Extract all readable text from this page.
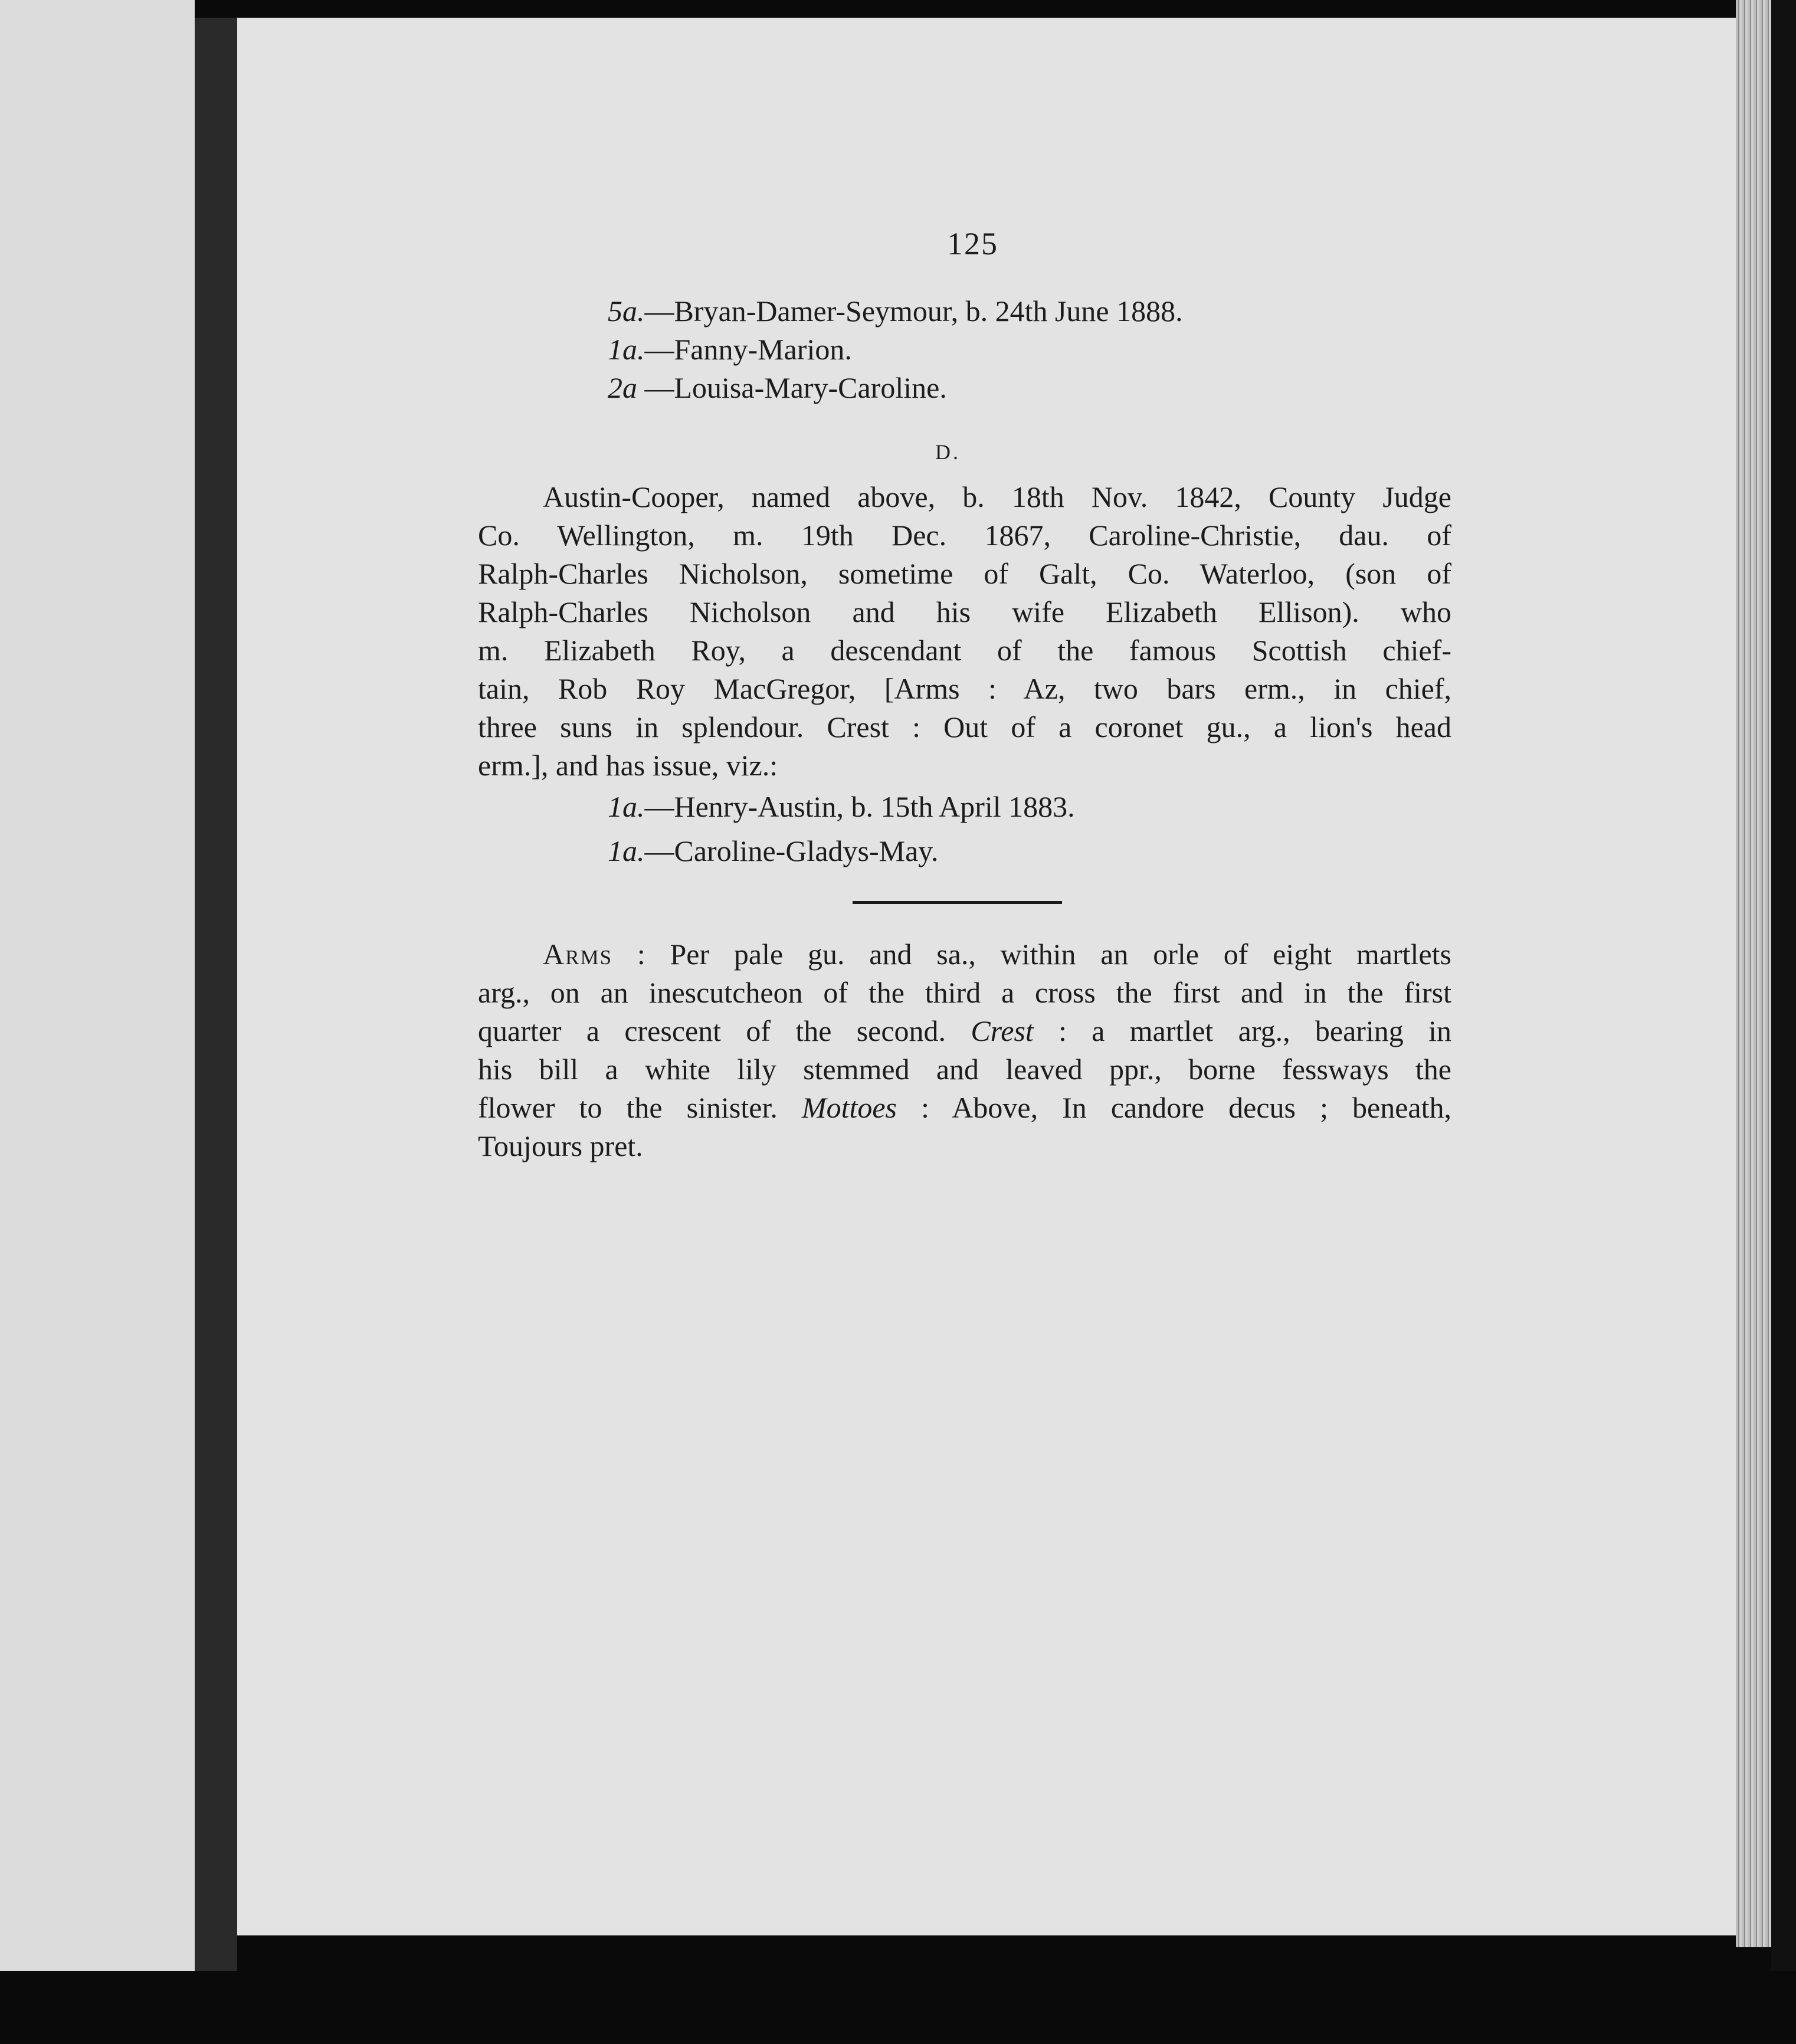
125
5a.—Bryan-Damer-Seymour, b. 24th June 1888.
1a.—Fanny-Marion.
2a —Louisa-Mary-Caroline.
D.
Austin-Cooper, named above, b. 18th Nov. 1842, County Judge
Co. Wellington, m. 19th Dec. 1867, Caroline-Christie, dau. of
Ralph-Charles Nicholson, sometime of Galt, Co. Waterloo, (son of
Ralph-Charles Nicholson and his wife Elizabeth Ellison). who
m. Elizabeth Roy, a descendant of the famous Scottish chief-
tain, Rob Roy MacGregor, [Arms : Az, two bars erm., in chief,
three suns in splendour. Crest : Out of a coronet gu., a lion's head
erm.], and has issue, viz.:
1a.—Henry-Austin, b. 15th April 1883.
1a.—Caroline-Gladys-May.
Arms : Per pale gu. and sa., within an orle of eight martlets
arg., on an inescutcheon of the third a cross the first and in the first
quarter a crescent of the second. Crest : a martlet arg., bearing in
his bill a white lily stemmed and leaved ppr., borne fessways the
flower to the sinister. Mottoes : Above, In candore decus ; beneath,
Toujours pret.
